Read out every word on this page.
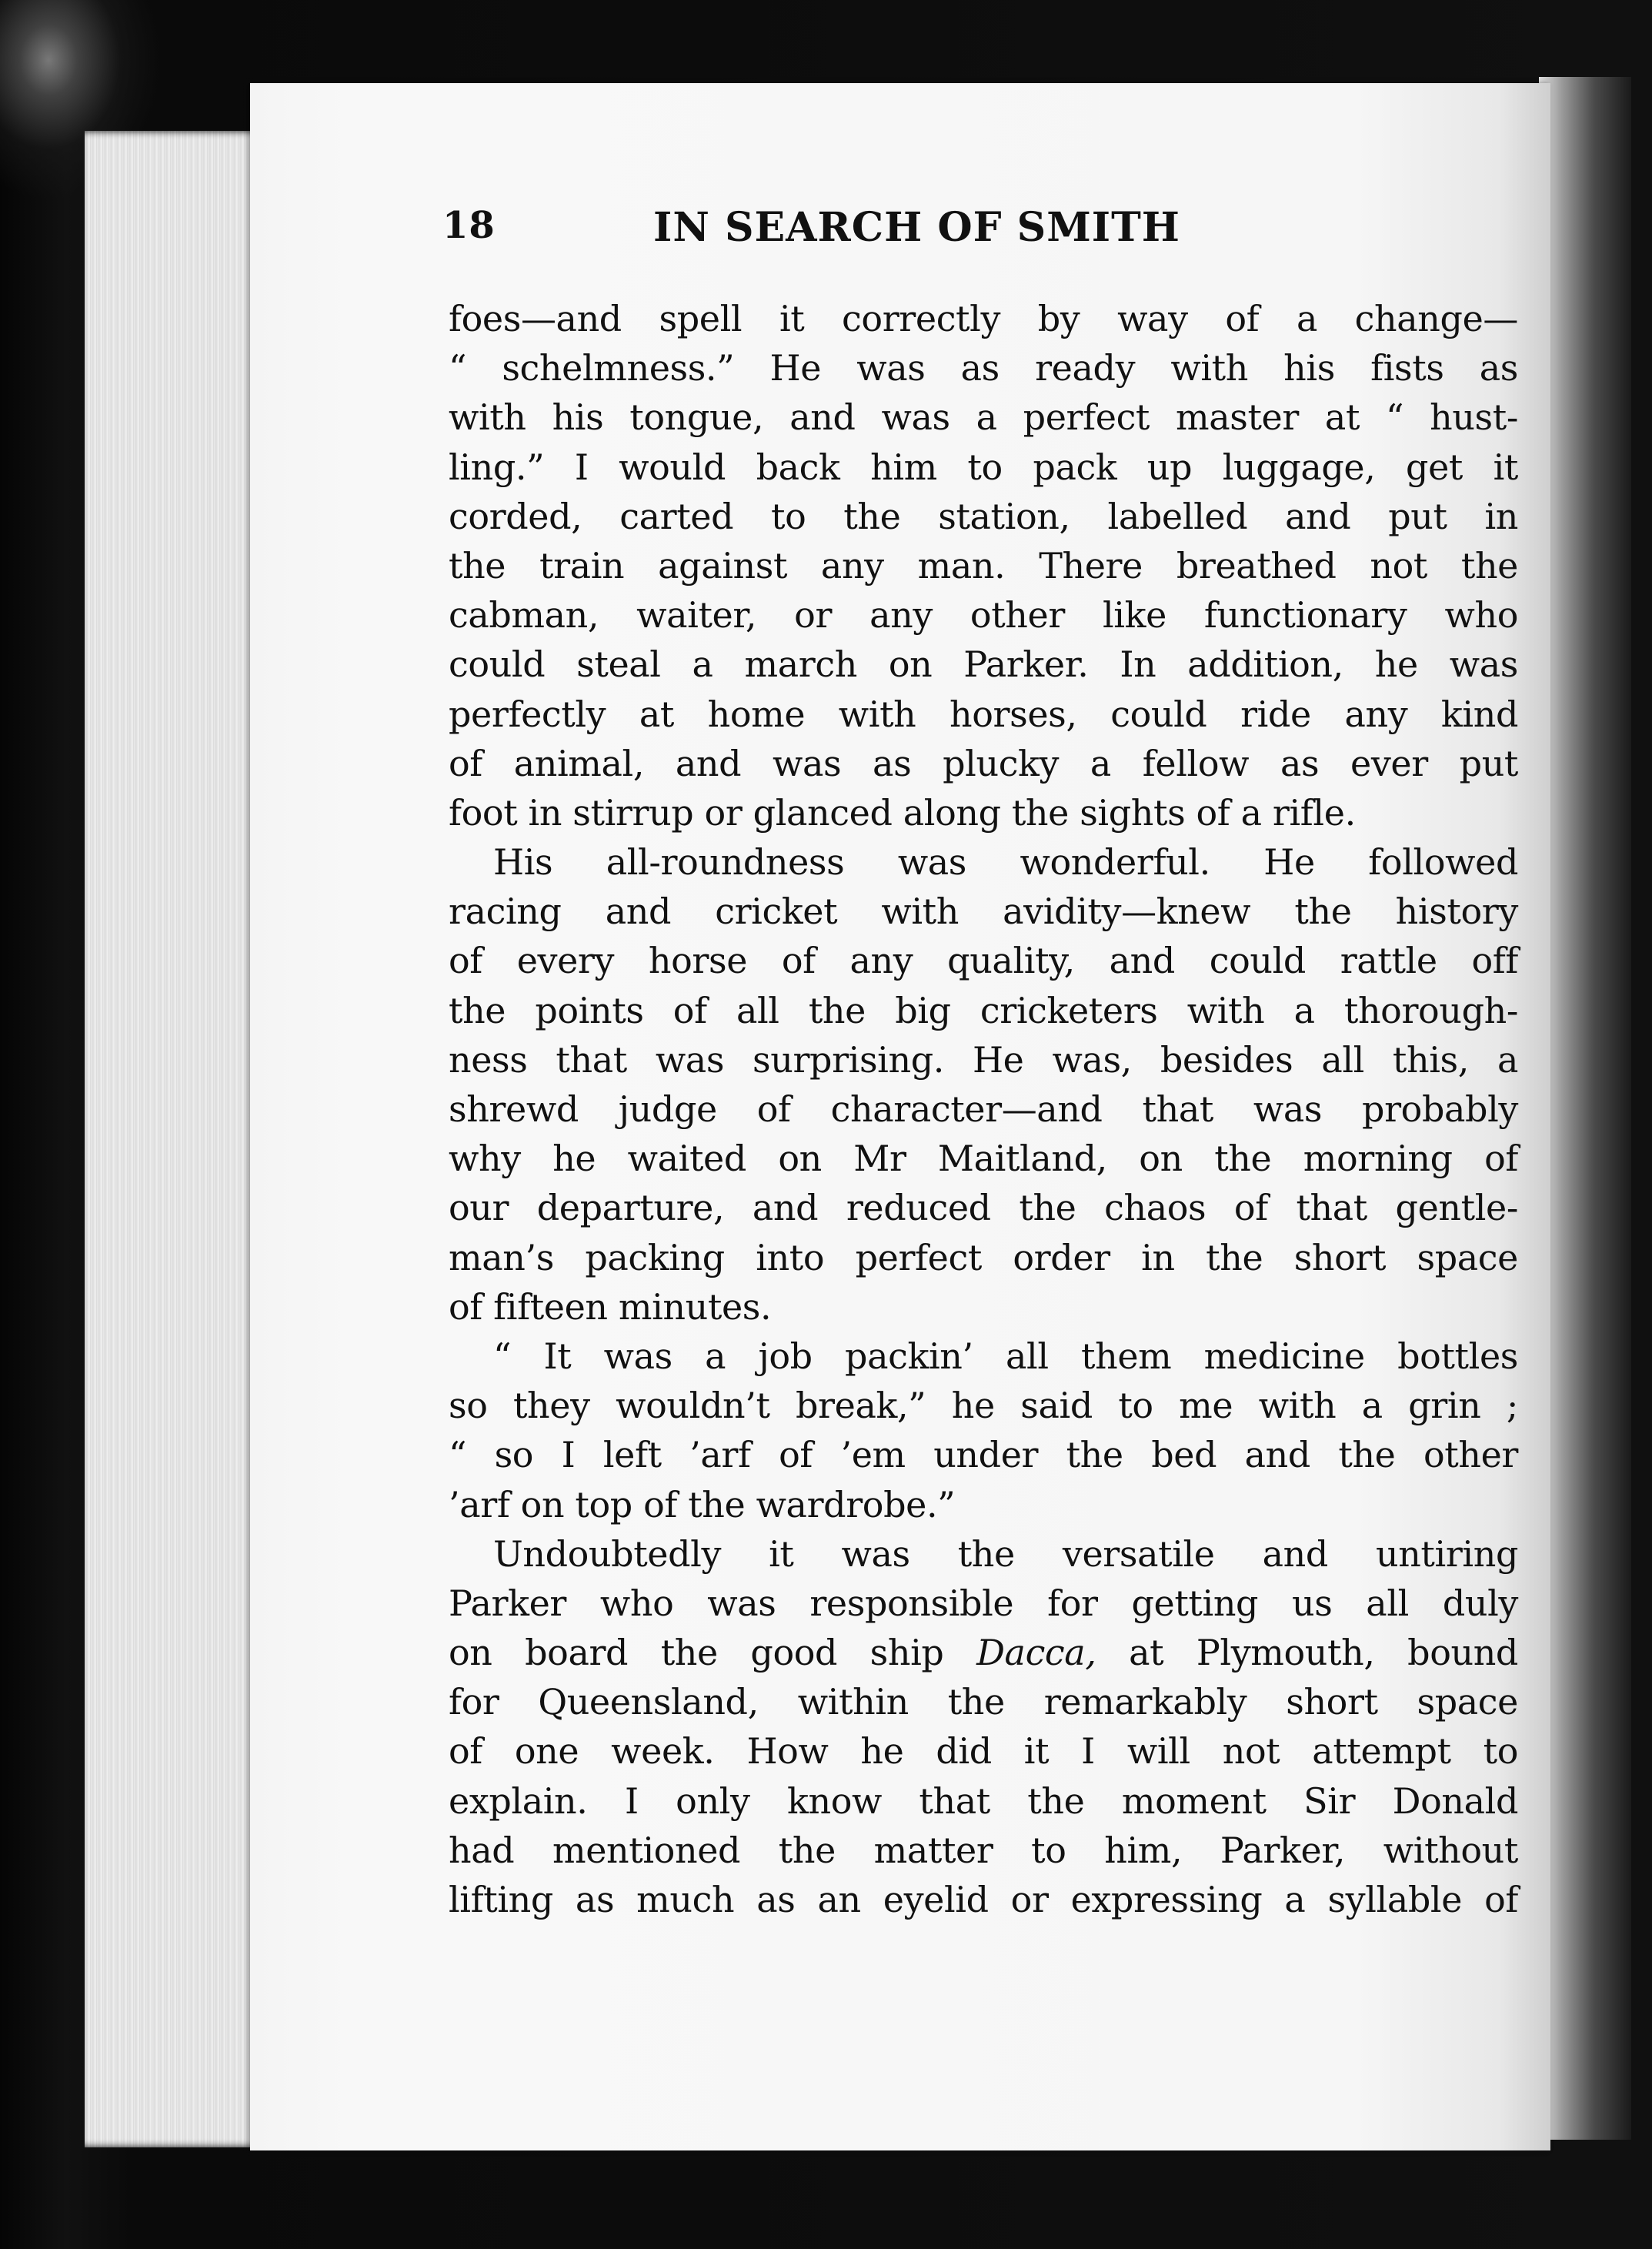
18	IN SEARCH OF SMITH
foes—and spell it correctly by way of a change—
“ schelmness.” He was as ready with his fists as
with his tongue, and was a perfect master at “ hust-
ling.” I would back him to pack up luggage, get it
corded, carted to the station, labelled and put in
the train against any man. There breathed not the
cabman, waiter, or any other like functionary who
could steal a march on Parker. In addition, he was
perfectly at home with horses, could ride any kind
of animal, and was as plucky a fellow as ever put
foot in stirrup or glanced along the sights of a rifle.
His all-roundness was wonderful. He followed
racing and cricket with avidity—knew the history
of every horse of any quality, and could rattle off
the points of all the big cricketers with a thorough-
ness that was surprising. He was, besides all this, a
shrewd judge of character—and that was probably
why he waited on Mr Maitland, on the morning of
our departure, and reduced the chaos of that gentle-
man’s packing into perfect order in the short space
of fifteen minutes.
“ It was a job packin’ all them medicine bottles
so they wouldn’t break,” he said to me with a grin ;
“ so I left ’arf of ’em under the bed and the other
’arf on top of the wardrobe.”
Undoubtedly it was the versatile and untiring
Parker who was responsible for getting us all duly
on board the good ship Dacca, at Plymouth, bound
for Queensland, within the remarkably short space
of one week. How he did it I will not attempt to
explain. I only know that the moment Sir Donald
had mentioned the matter to him, Parker, without
lifting as much as an eyelid or expressing a syllable of
